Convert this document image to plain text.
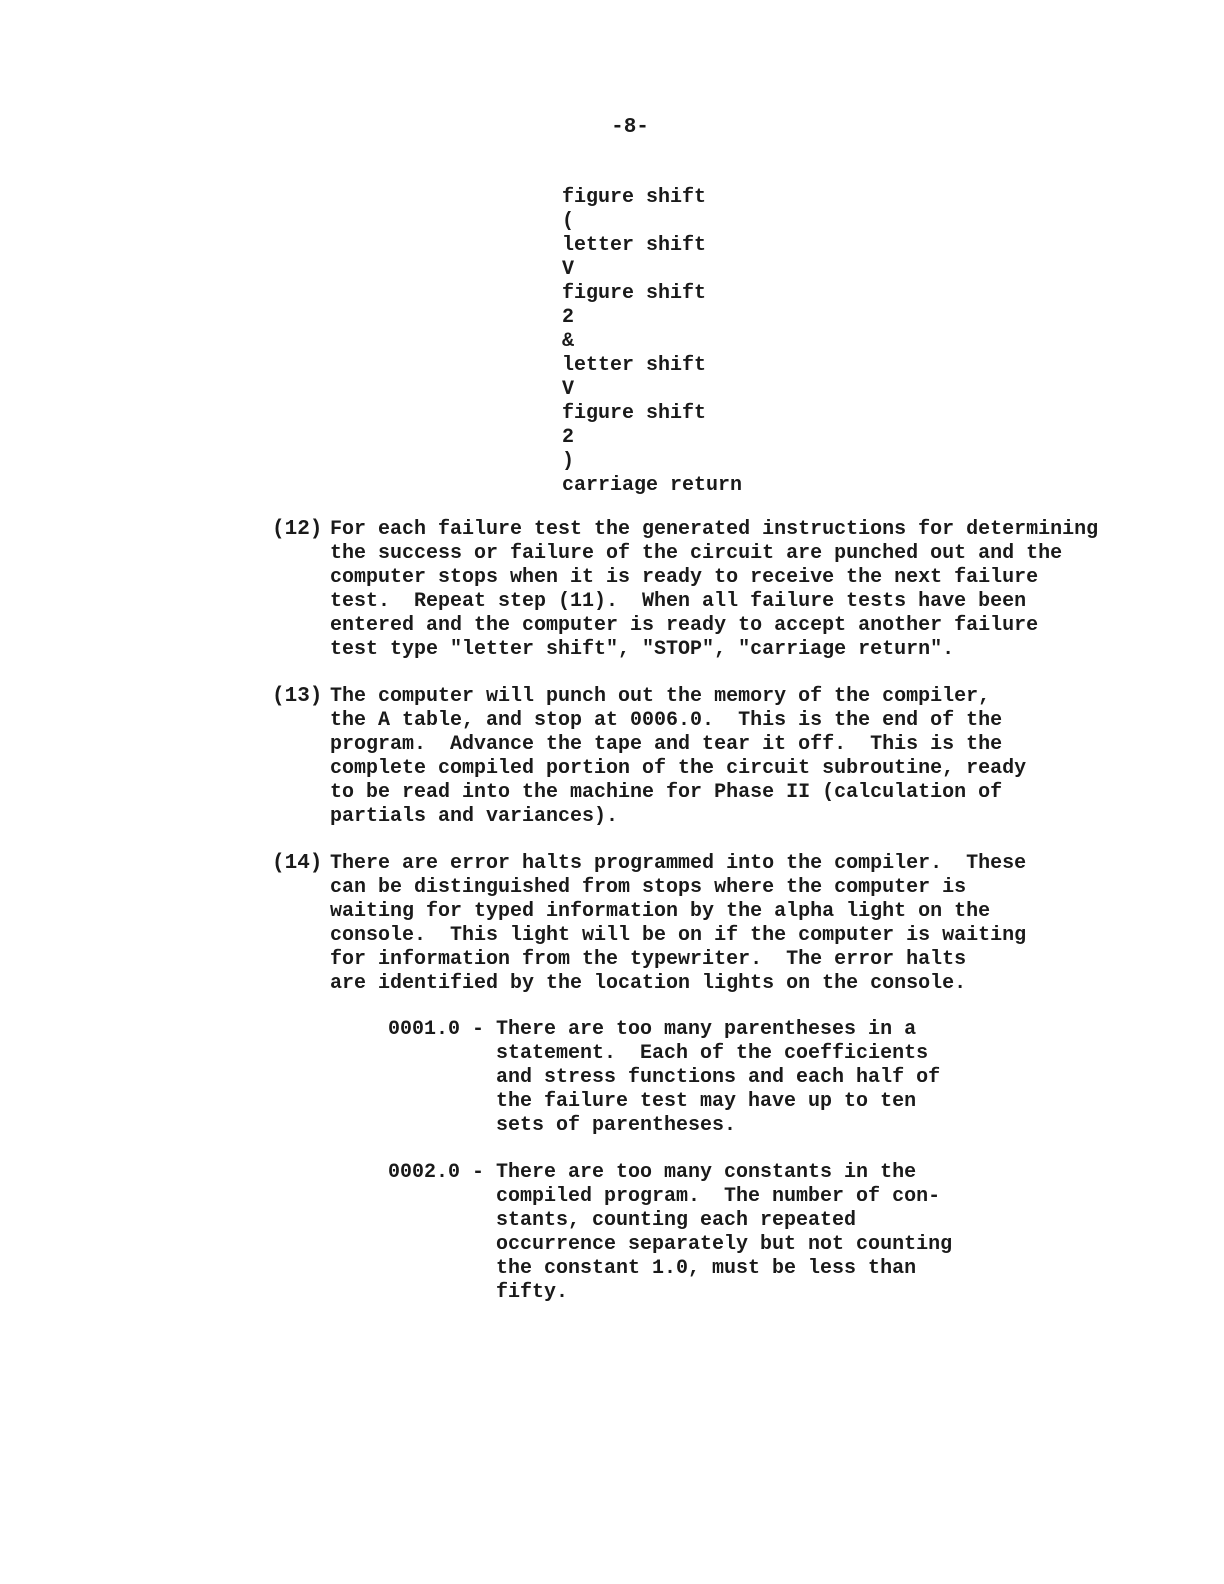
-8-
figure shift
(
letter shift
V
figure shift
2
&
letter shift
V
figure shift
2
)
carriage return
(12) For each failure test the generated instructions for determining
the success or failure of the circuit are punched out and the
computer stops when it is ready to receive the next failure
test.  Repeat step (11).  When all failure tests have been
entered and the computer is ready to accept another failure
test type "letter shift", "STOP", "carriage return".
(13) The computer will punch out the memory of the compiler,
the A table, and stop at 0006.0.  This is the end of the
program.  Advance the tape and tear it off.  This is the
complete compiled portion of the circuit subroutine, ready
to be read into the machine for Phase II (calculation of
partials and variances).
(14) There are error halts programmed into the compiler.  These
can be distinguished from stops where the computer is
waiting for typed information by the alpha light on the
console.  This light will be on if the computer is waiting
for information from the typewriter.  The error halts
are identified by the location lights on the console.
0001.0 - There are too many parentheses in a
statement.  Each of the coefficients
and stress functions and each half of
the failure test may have up to ten
sets of parentheses.
0002.0 - There are too many constants in the
compiled program.  The number of con-
stants, counting each repeated
occurrence separately but not counting
the constant 1.0, must be less than
fifty.
